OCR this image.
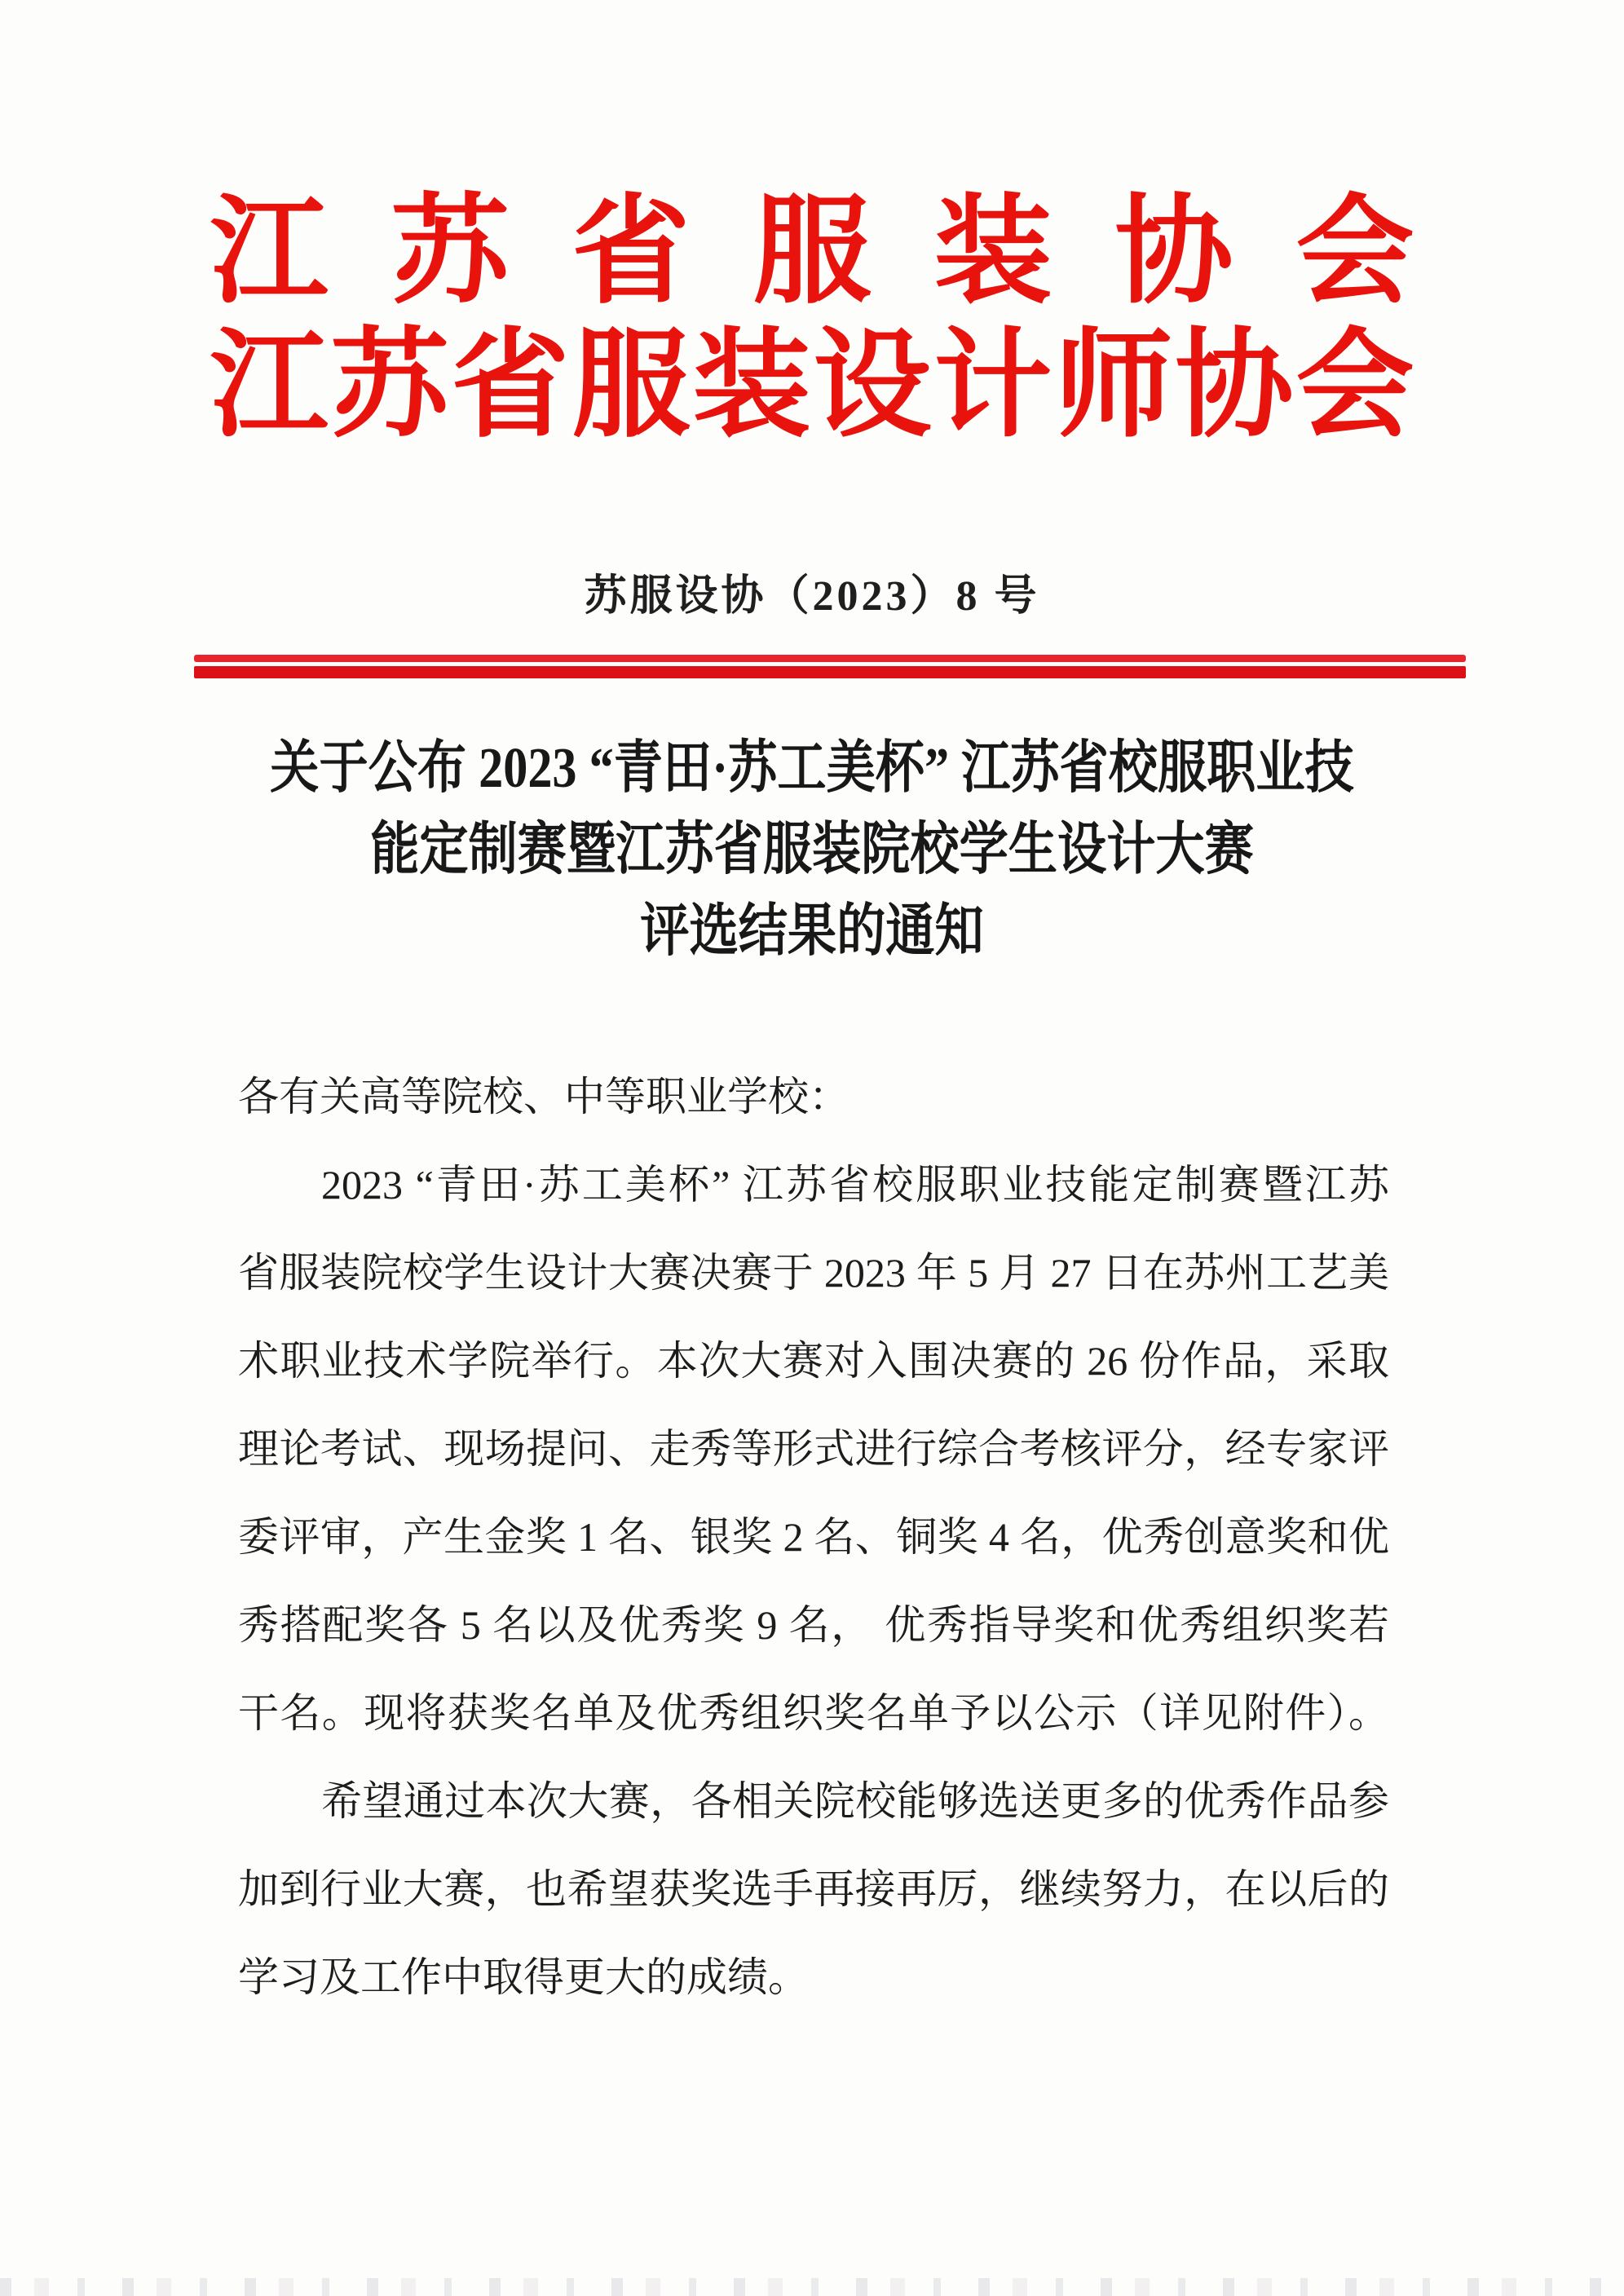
江苏省服装协会
江苏省服装设计师协会
苏服设协（2023）8 号
关于公布 2023 “青田·苏工美杯” 江苏省校服职业技
能定制赛暨江苏省服装院校学生设计大赛
评选结果的通知
各有关高等院校、中等职业学校：
2023 “青田·苏工美杯” 江苏省校服职业技能定制赛暨江苏
省服装院校学生设计大赛决赛于 2023 年 5 月 27 日在苏州工艺美
术职业技术学院举行。本次大赛对入围决赛的 26 份作品，采取
理论考试、现场提问、走秀等形式进行综合考核评分，经专家评
委评审，产生金奖 1 名、银奖 2 名、铜奖 4 名，优秀创意奖和优
秀搭配奖各 5 名以及优秀奖 9 名， 优秀指导奖和优秀组织奖若
干名。现将获奖名单及优秀组织奖名单予以公示（详见附件）。
希望通过本次大赛，各相关院校能够选送更多的优秀作品参
加到行业大赛，也希望获奖选手再接再厉，继续努力，在以后的
学习及工作中取得更大的成绩。
